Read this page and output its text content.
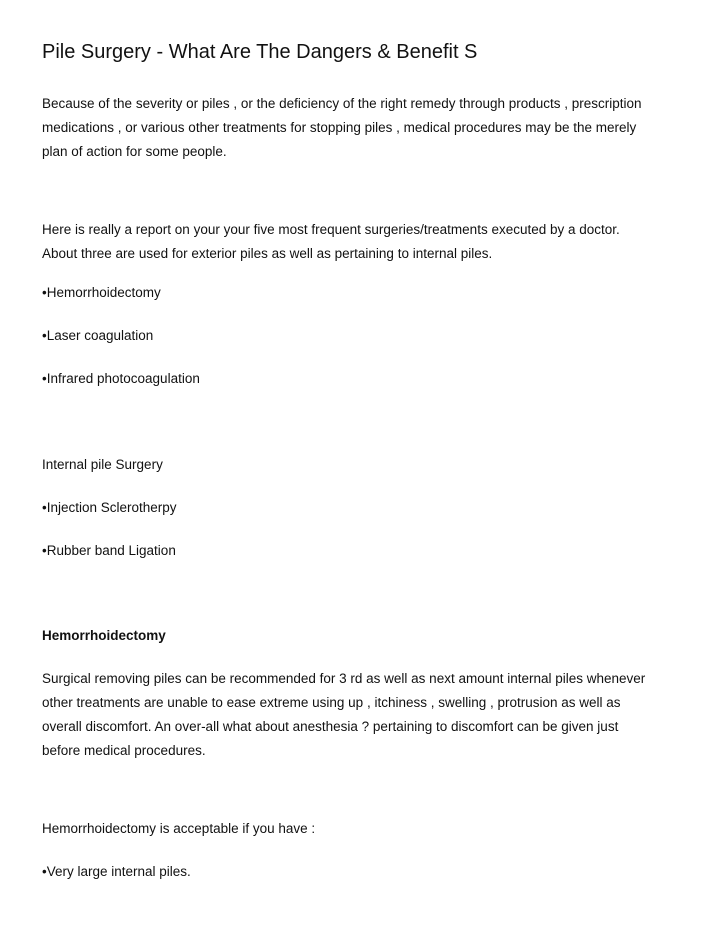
Pile Surgery - What Are The Dangers & Benefit S
Because of the severity or piles , or the deficiency of the right remedy through products , prescription
medications , or various other treatments for stopping piles , medical procedures may be the merely
plan of action for some people.
Here is really a report on your your five most frequent surgeries/treatments executed by a doctor.
About three are used for exterior piles as well as pertaining to internal piles.
•Hemorrhoidectomy
•Laser coagulation
•Infrared photocoagulation
Internal pile Surgery
•Injection Sclerotherpy
•Rubber band Ligation
Hemorrhoidectomy
Surgical removing piles can be recommended for 3 rd as well as next amount internal piles whenever
other treatments are unable to ease extreme using up , itchiness , swelling , protrusion as well as
overall discomfort. An over-all what about anesthesia ? pertaining to discomfort can be given just
before medical procedures.
Hemorrhoidectomy is acceptable if you have :
•Very large internal piles.
